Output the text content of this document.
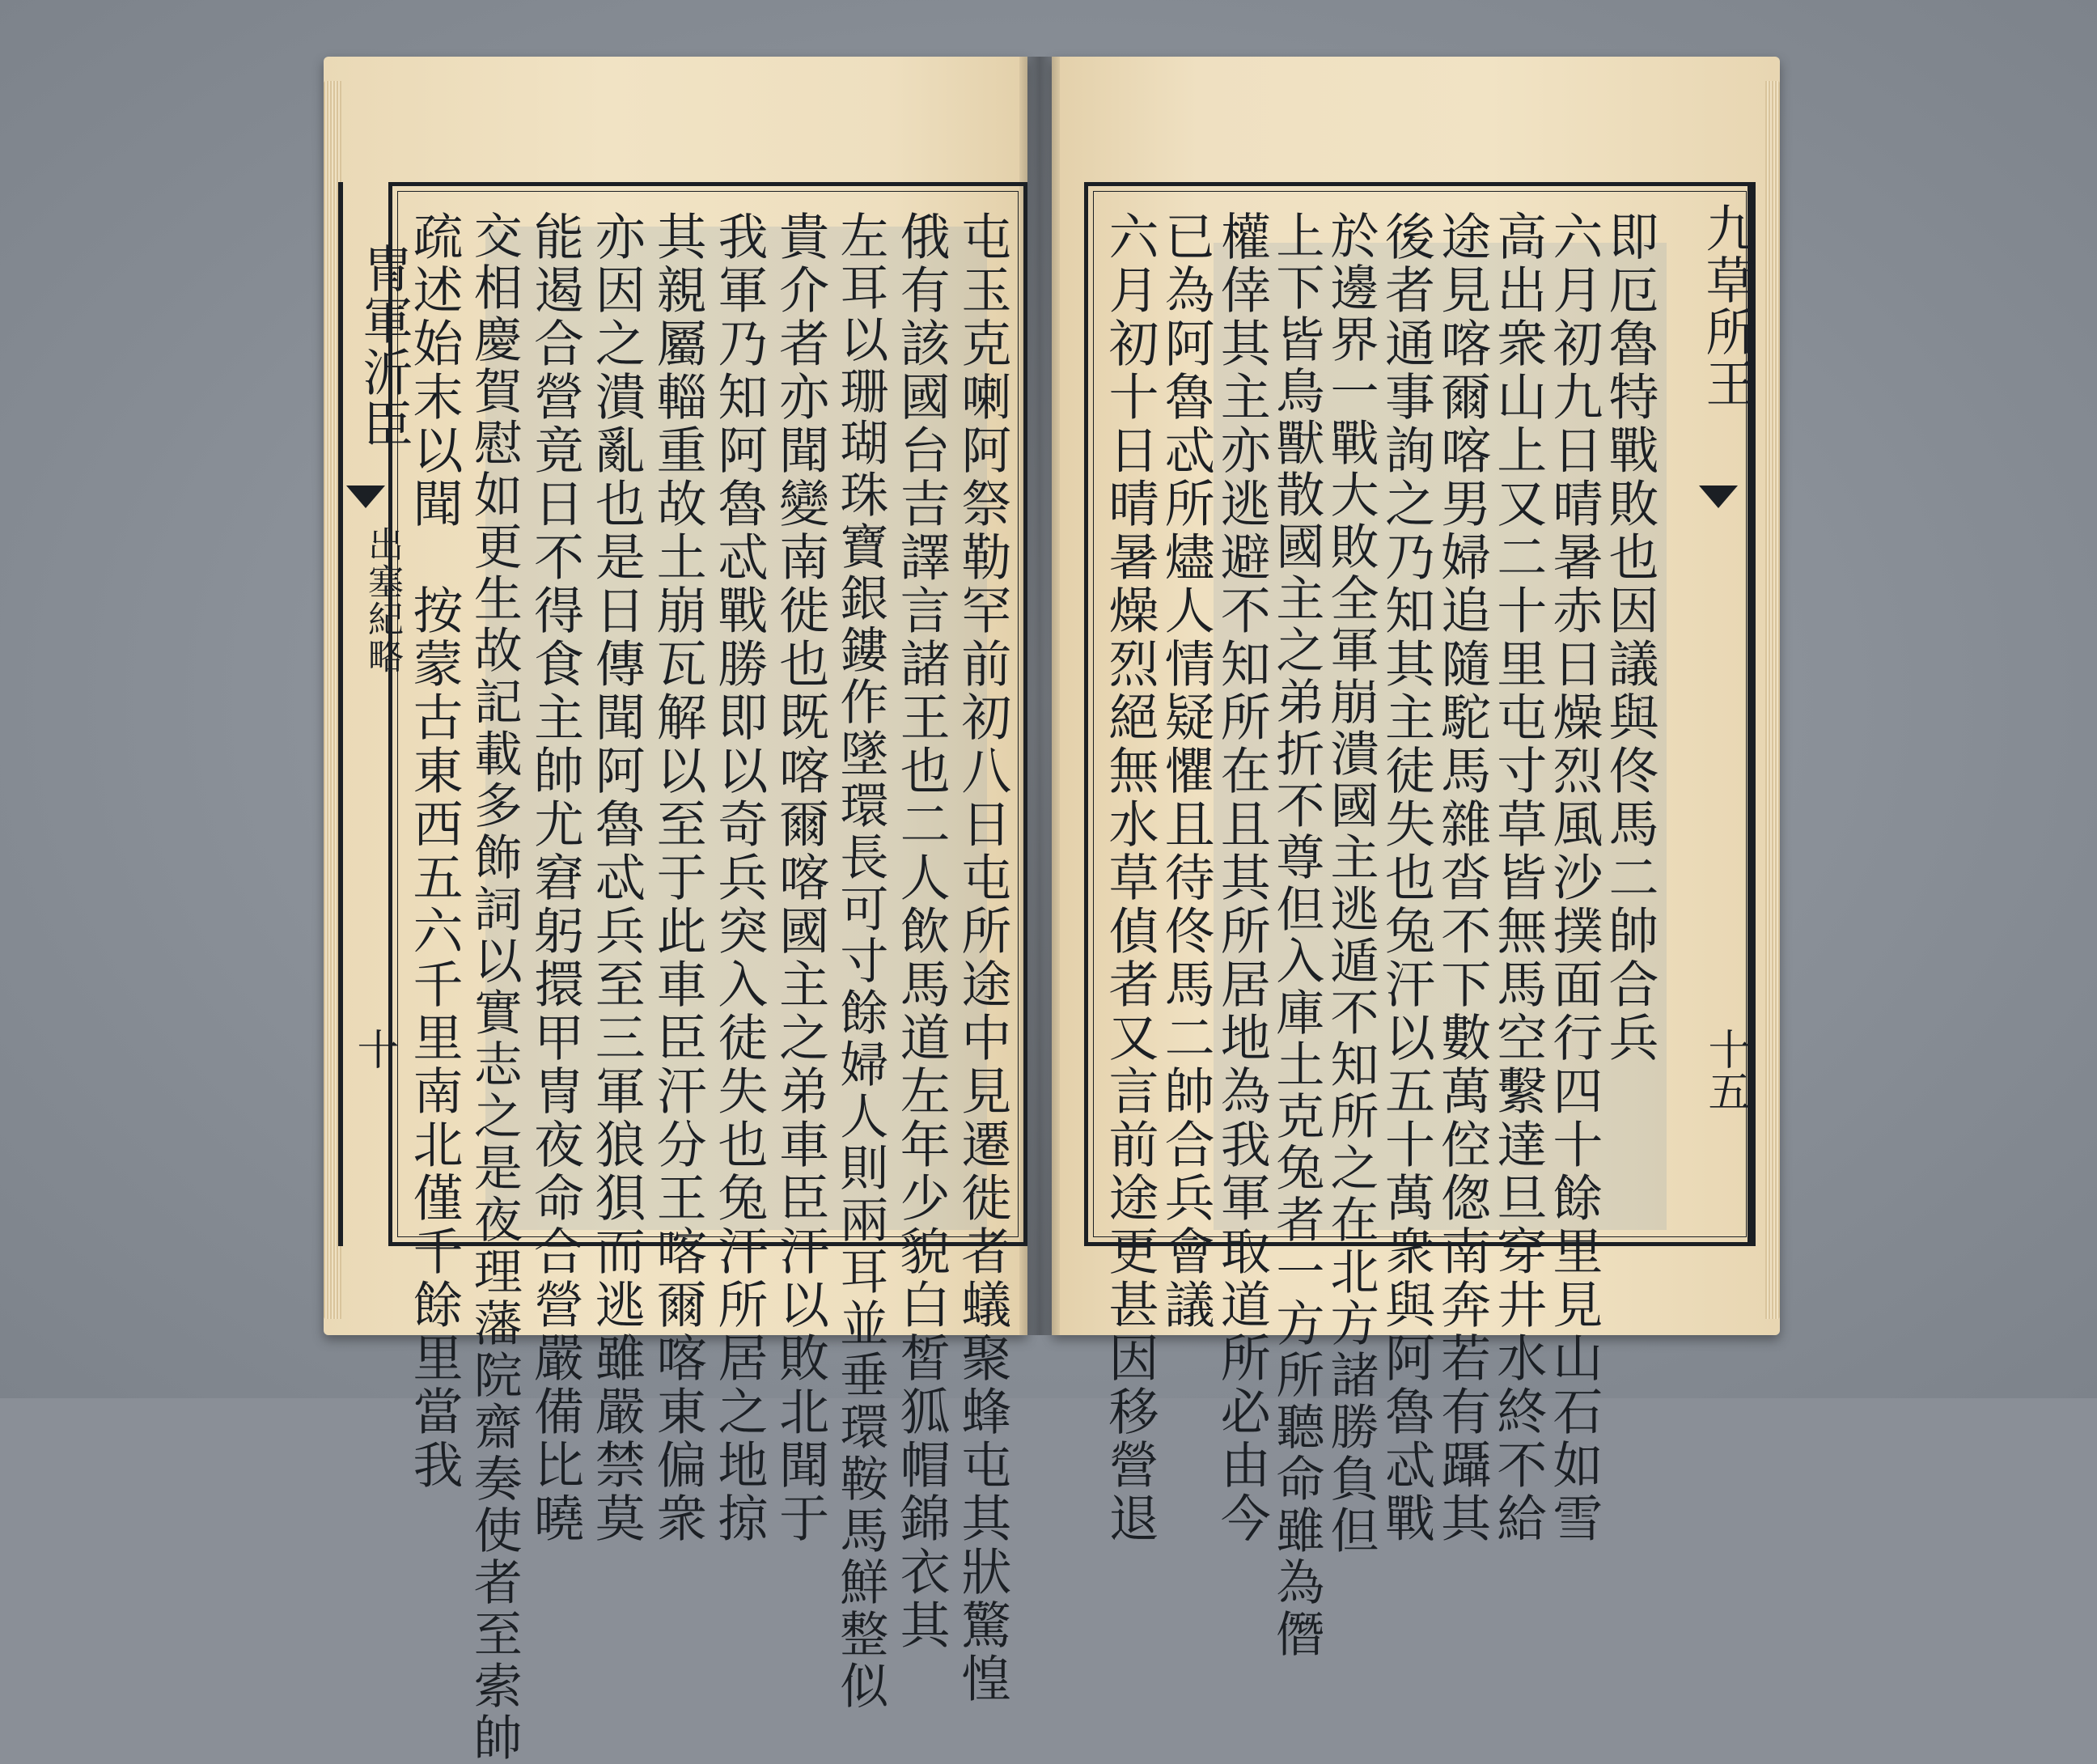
冑軍沂臣
出塞紀略
十	屯玉克喇阿祭勒罕前初八日屯所途中見遷徙者蟻聚蜂屯其狀驚惶
俄有該國台吉譯言諸王也二人飲馬道左年少貌白皙狐帽錦衣其
左耳以珊瑚珠寶銀鏤作墜環長可寸餘婦人則兩耳並垂環鞍馬鮮整似
貴介者亦聞變南徙也既喀爾喀國主之弟車臣汗以敗北聞于
我軍乃知阿魯忒戰勝即以奇兵突入徒失也兔汗所居之地掠
其親屬輜重故土崩瓦解以至于此車臣汗分王喀爾喀東偏衆
亦因之潰亂也是日傳聞阿魯忒兵至三軍狼狽而逃雖嚴禁莫
能遏合營竟日不得食主帥尤窘躬擐甲冑夜命合營嚴備比曉
交相慶賀慰如更生故記載多飾詞以實志之是夜理藩院齋奏使者至索帥
疏述始末以聞　按蒙古東西五六千里南北僅千餘里當我	即厄魯特戰敗也因議與佟馬二帥合兵
六月初九日晴暑赤日燥烈風沙撲面行四十餘里見山石如雪
高出衆山上又二十里屯寸草皆無馬空繫達旦穿井水終不給
途見喀爾喀男婦追隨駝馬雜沓不下數萬倥偬南奔若有躡其
後者通事詢之乃知其主徒失也兔汗以五十萬衆與阿魯忒戰
於邊界一戰大敗全軍崩潰國主逃遁不知所之在北方諸勝負但
上下皆鳥獸散國主之弟折不尊但入庫土克兔者一方所聽命雖為僭
權倖其主亦逃避不知所在且其所居地為我軍取道所必由今
已為阿魯忒所燼人情疑懼且待佟馬二帥合兵會議
六月初十日晴暑燥烈絕無水草偵者又言前途更甚因移營退	九草所王
十五
